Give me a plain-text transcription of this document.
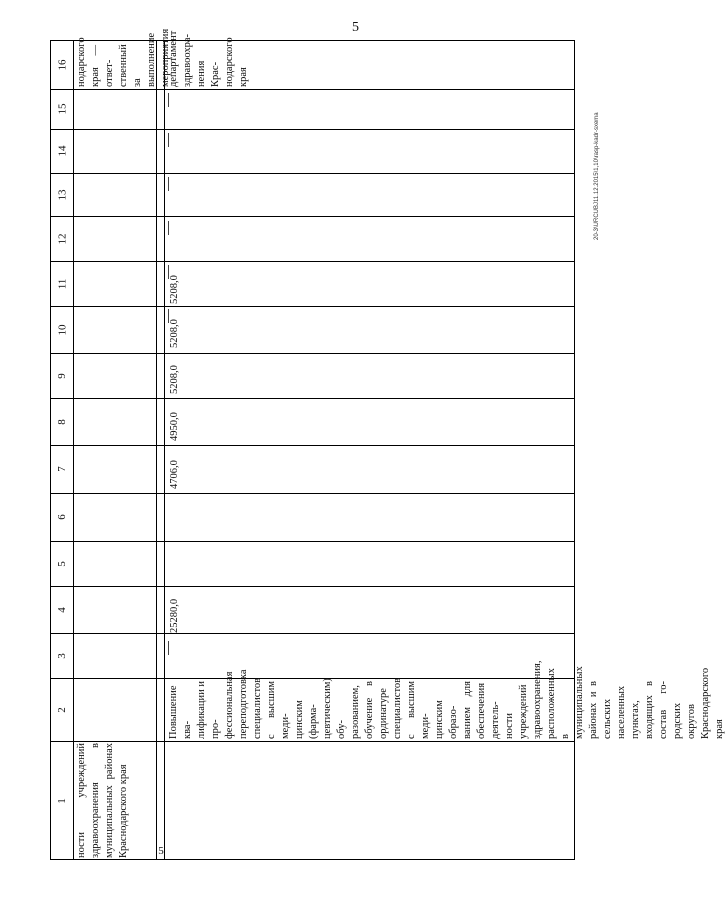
5
20-3\URCUBJ11.12.2015\1,10\rasp-kadr-sxema
16
15
14
13
12
11
10
9
8
7
6
5
4
3
2
1
нодарского края — ответственный за выполнение мероприятия
ности учреждений здравоохранения в муниципальных районах Краснодарского края
департамент здравоохранения Краснодарского края
Повышение квалификации и профессиональная переподготовка специалистов с высшим медицинским (фармацевтическим) обуразованием, обучение в ординатуре специалистов с высшим медицинским образованием для обеспечения деятельности учреждений здравоохранения, расположенных в муниципальных районах и в сельских населенных пунктах, входящих в состав городских округов Краснодарского края
25280,0
4706,0
4950,0
5208,0
5208,0
5208,0
5
